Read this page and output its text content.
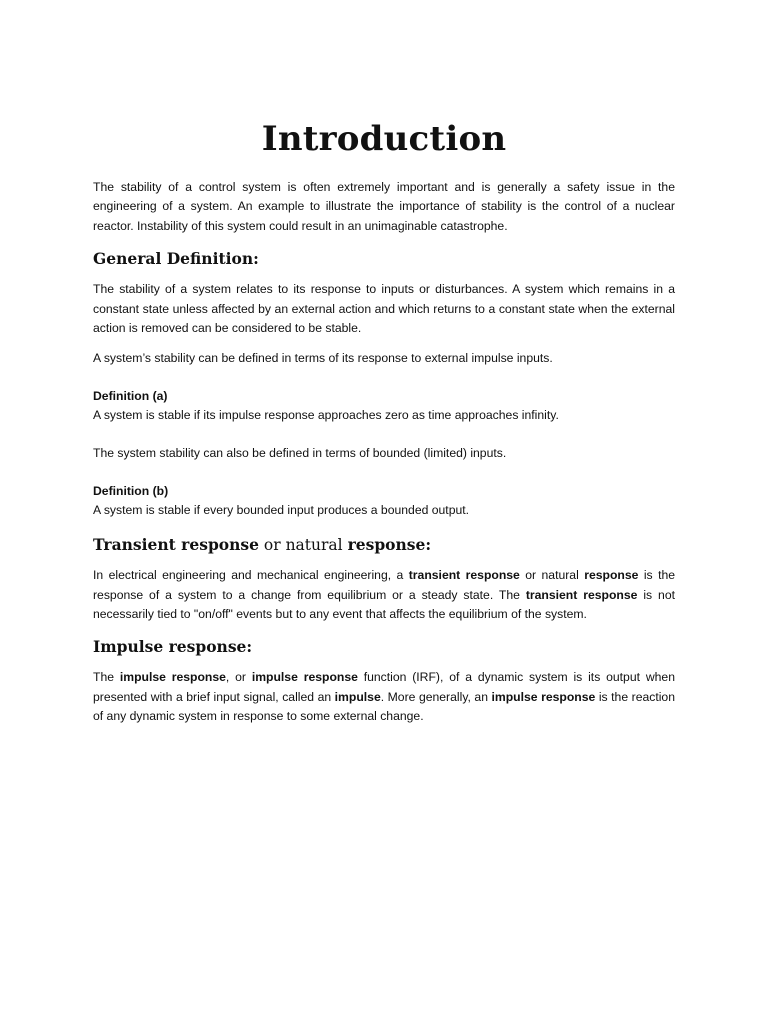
Introduction

The stability of a control system is often extremely important and is generally a safety issue in the engineering of a system. An example to illustrate the importance of stability is the control of a nuclear reactor. Instability of this system could result in an unimaginable catastrophe.

General Definition:

The stability of a system relates to its response to inputs or disturbances. A system which remains in a constant state unless affected by an external action and which returns to a constant state when the external action is removed can be considered to be stable.

A system’s stability can be defined in terms of its response to external impulse inputs.

Definition (a)
A system is stable if its impulse response approaches zero as time approaches infinity.

The system stability can also be defined in terms of bounded (limited) inputs.

Definition (b)
A system is stable if every bounded input produces a bounded output.
Transient response or natural response:

In electrical engineering and mechanical engineering, a transient response or natural response is the response of a system to a change from equilibrium or a steady state. The transient response is not necessarily tied to "on/off" events but to any event that affects the equilibrium of the system.

Impulse response:

The impulse response, or impulse response function (IRF), of a dynamic system is its output when presented with a brief input signal, called an impulse. More generally, an impulse response is the reaction of any dynamic system in response to some external change.
